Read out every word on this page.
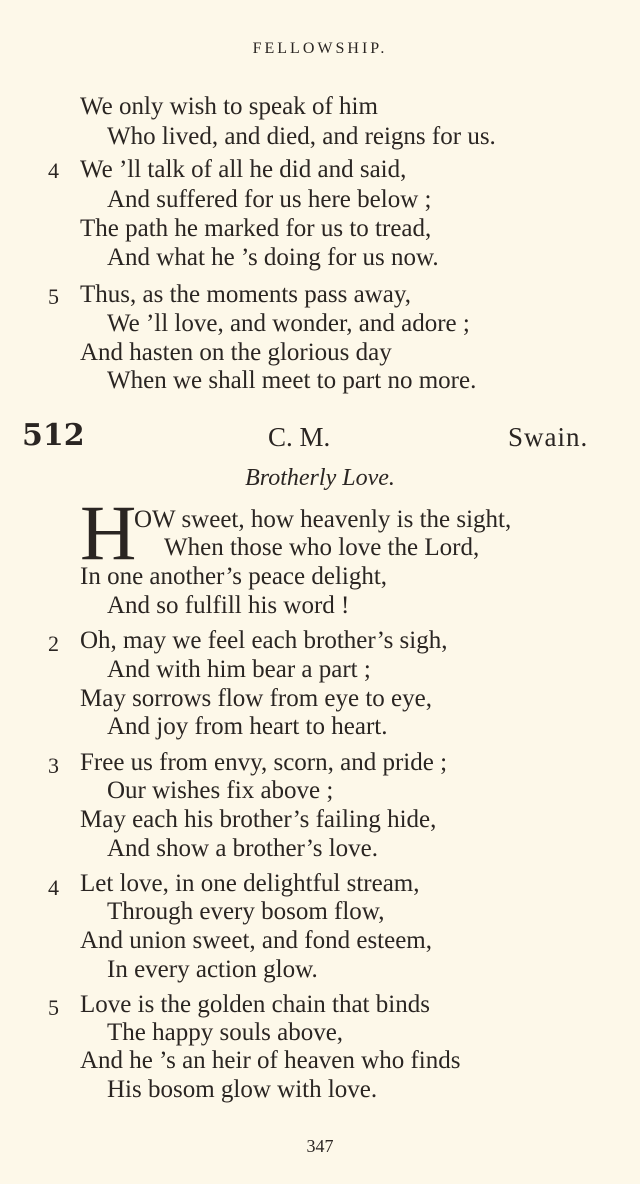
FELLOWSHIP.
We only wish to speak of him
Who lived, and died, and reigns for us.
4 We ’ll talk of all he did and said,
And suffered for us here below ;
The path he marked for us to tread,
And what he ’s doing for us now.
5 Thus, as the moments pass away,
We ’ll love, and wonder, and adore ;
And hasten on the glorious day
When we shall meet to part no more.
512	C. M.	Swain.
Brotherly Love.
H OW sweet, how heavenly is the sight,
When those who love the Lord,
In one another’s peace delight,
And so fulfill his word !
2 Oh, may we feel each brother’s sigh,
And with him bear a part ;
May sorrows flow from eye to eye,
And joy from heart to heart.
3 Free us from envy, scorn, and pride ;
Our wishes fix above ;
May each his brother’s failing hide,
And show a brother’s love.
4 Let love, in one delightful stream,
Through every bosom flow,
And union sweet, and fond esteem,
In every action glow.
5 Love is the golden chain that binds
The happy souls above,
And he ’s an heir of heaven who finds
His bosom glow with love.
347
